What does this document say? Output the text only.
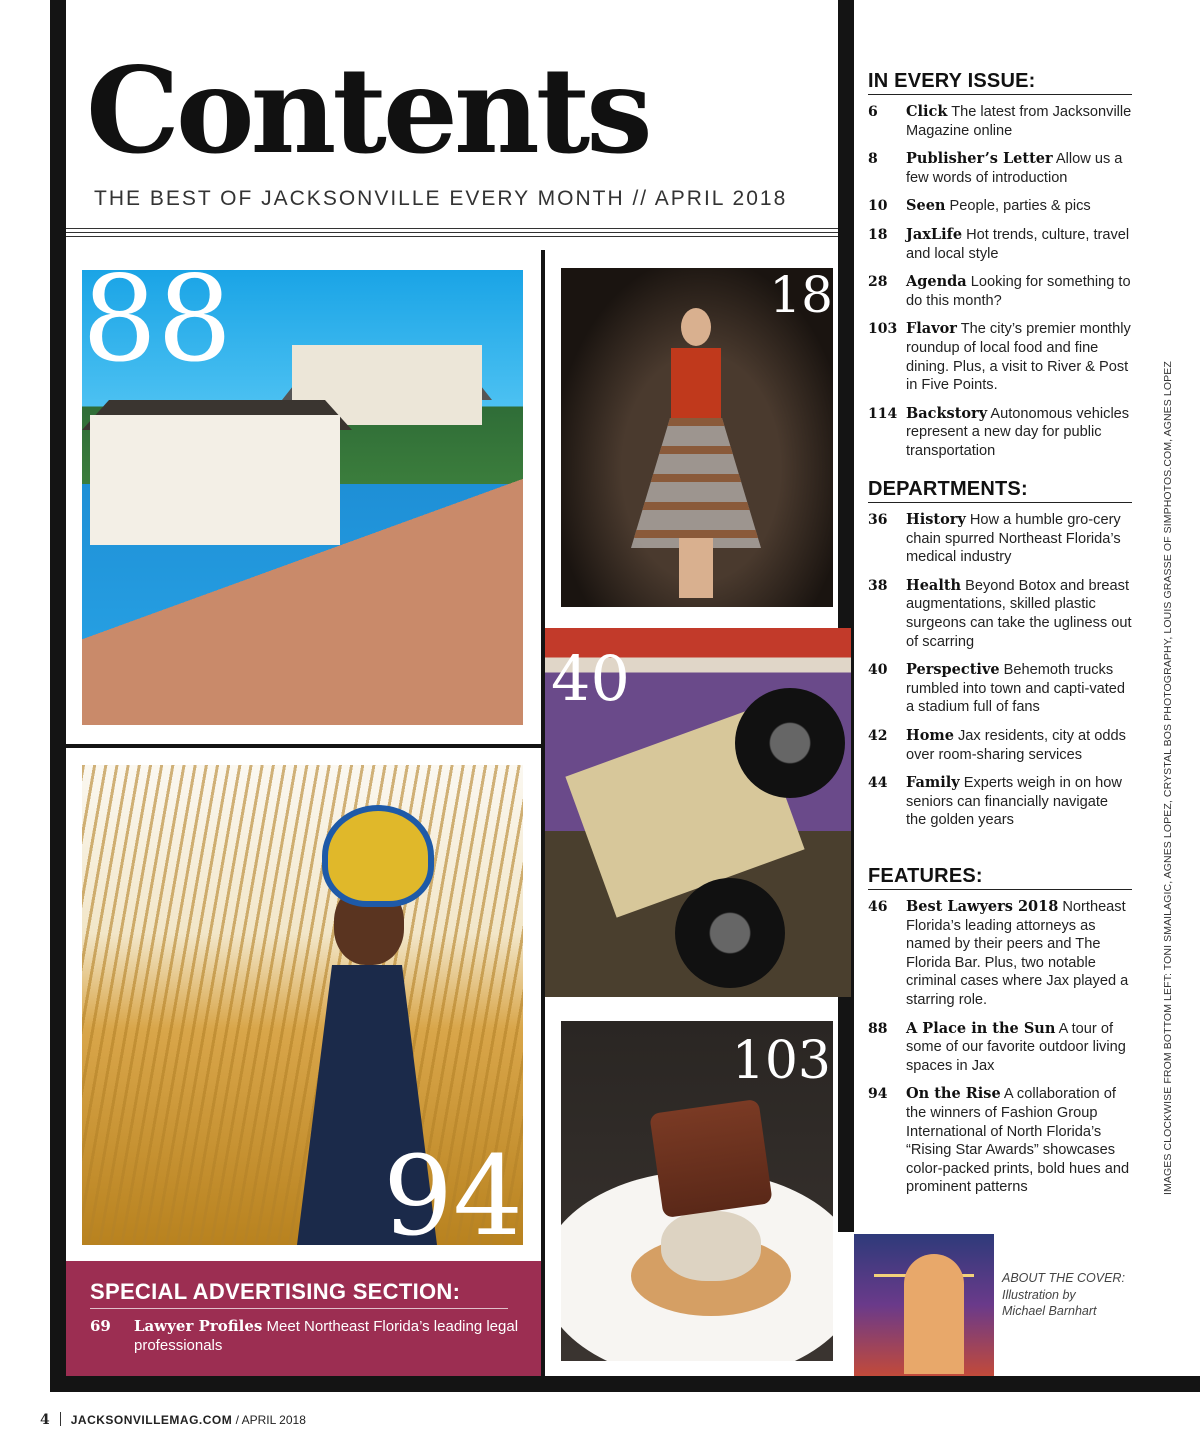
Contents
THE BEST OF JACKSONVILLE EVERY MONTH // APRIL 2018
88	18
40
103
94
SPECIAL ADVERTISING SECTION:
69 Lawyer Profiles Meet Northeast Florida’s leading legal professionals
IN EVERY ISSUE:
6 Click The latest from Jacksonville Magazine online
8 Publisher’s Letter Allow us a few words of introduction
10 Seen People, parties & pics
18 JaxLife Hot trends, culture, travel and local style
28 Agenda Looking for something to do this month?
103 Flavor The city’s premier monthly roundup of local food and fine dining. Plus, a visit to River & Post in Five Points.
114 Backstory Autonomous vehicles represent a new day for public transportation
DEPARTMENTS:
36 History How a humble gro-cery chain spurred Northeast Florida’s medical industry
38 Health Beyond Botox and breast augmentations, skilled plastic surgeons can take the ugliness out of scarring
40 Perspective Behemoth trucks rumbled into town and capti-vated a stadium full of fans
42 Home Jax residents, city at odds over room-sharing services
44 Family Experts weigh in on how seniors can financially navigate the golden years
FEATURES:
46 Best Lawyers 2018 Northeast Florida’s leading attorneys as named by their peers and The Florida Bar. Plus, two notable criminal cases where Jax played a starring role.
88 A Place in the Sun A tour of some of our favorite outdoor living spaces in Jax
94 On the Rise A collaboration of the winners of Fashion Group International of North Florida’s “Rising Star Awards” showcases color-packed prints, bold hues and prominent patterns	IMAGES CLOCKWISE FROM BOTTOM LEFT: TONI SMAILAGIC, AGNES LOPEZ, CRYSTAL BOS PHOTOGRAPHY, LOUIS GRASSE OF SIMPHOTOS.COM, AGNES LOPEZ
ABOUT THE COVER:
Illustration by
Michael Barnhart
4 JACKSONVILLEMAG.COM / APRIL 2018
